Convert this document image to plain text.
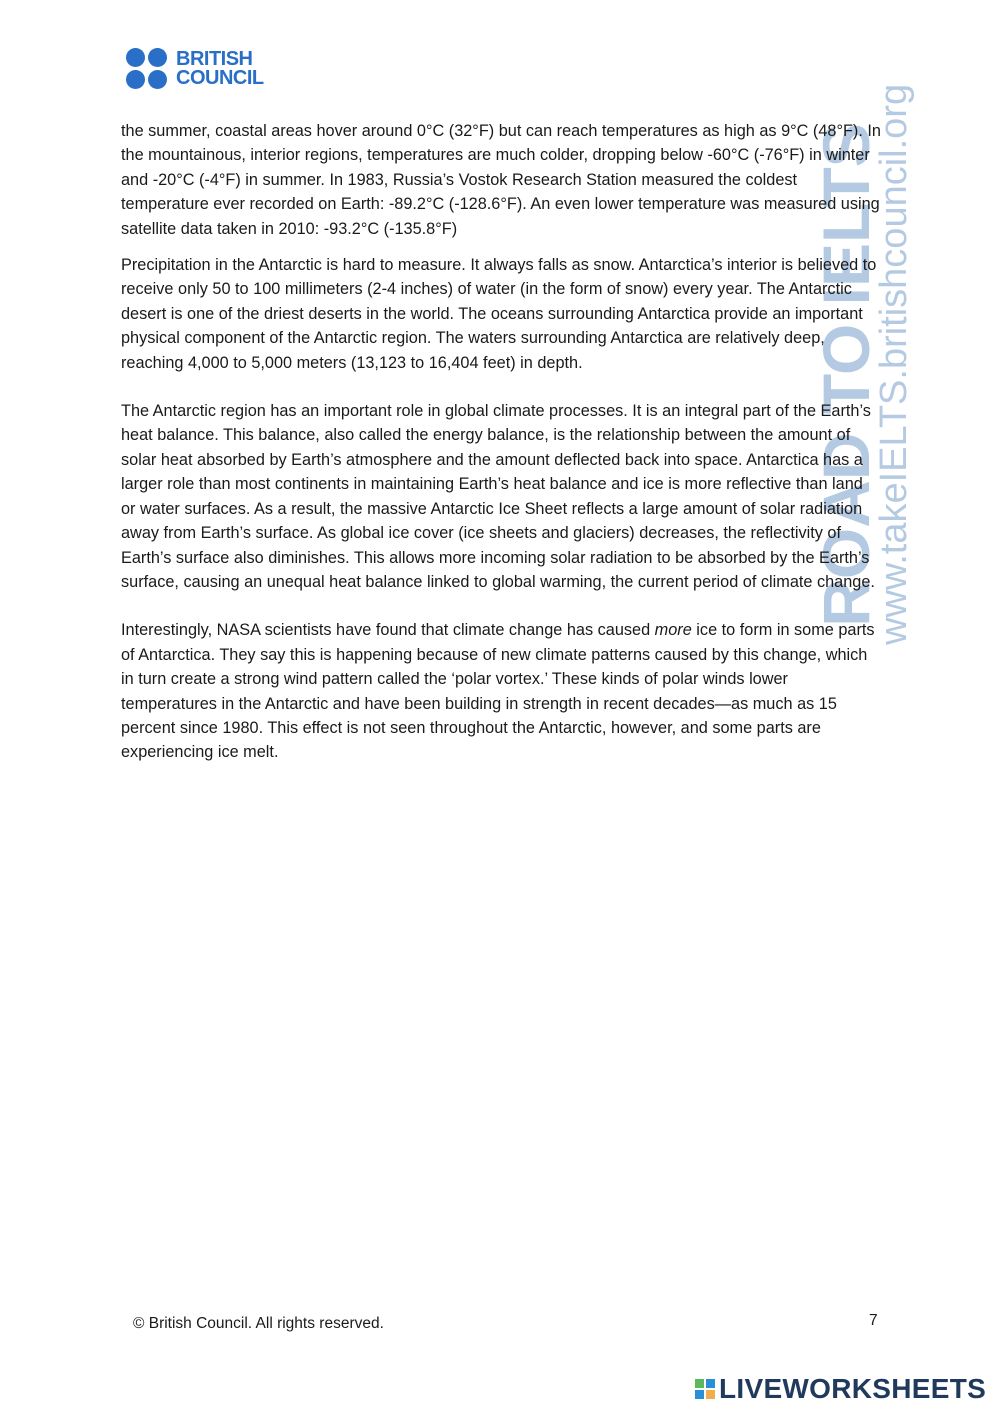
BRITISH
COUNCIL
ROAD TO IELTS
www.takeIELTS.britishcouncil.org

the summer, coastal areas hover around 0°C (32°F) but can reach temperatures as high as 9°C (48°F). In the mountainous, interior regions, temperatures are much colder, dropping below -60°C (-76°F) in winter and -20°C (-4°F) in summer. In 1983, Russia’s Vostok Research Station measured the coldest temperature ever recorded on Earth: -89.2°C (-128.6°F). An even lower temperature was measured using satellite data taken in 2010: -93.2°C (-135.8°F)

Precipitation in the Antarctic is hard to measure. It always falls as snow. Antarctica’s interior is believed to receive only 50 to 100 millimeters (2-4 inches) of water (in the form of snow) every year. The Antarctic desert is one of the driest deserts in the world. The oceans surrounding Antarctica provide an important physical component of the Antarctic region. The waters surrounding Antarctica are relatively deep, reaching 4,000 to 5,000 meters (13,123 to 16,404 feet) in depth.

The Antarctic region has an important role in global climate processes. It is an integral part of the Earth’s heat balance. This balance, also called the energy balance, is the relationship between the amount of solar heat absorbed by Earth’s atmosphere and the amount deflected back into space. Antarctica has a larger role than most continents in maintaining Earth’s heat balance and ice is more reflective than land or water surfaces. As a result, the massive Antarctic Ice Sheet reflects a large amount of solar radiation away from Earth’s surface. As global ice cover (ice sheets and glaciers) decreases, the reflectivity of Earth’s surface also diminishes. This allows more incoming solar radiation to be absorbed by the Earth’s surface, causing an unequal heat balance linked to global warming, the current period of climate change.

Interestingly, NASA scientists have found that climate change has caused more ice to form in some parts of Antarctica. They say this is happening because of new climate patterns caused by this change, which in turn create a strong wind pattern called the ‘polar vortex.’ These kinds of polar winds lower temperatures in the Antarctic and have been building in strength in recent decades—as much as 15 percent since 1980. This effect is not seen throughout the Antarctic, however, and some parts are experiencing ice melt.

© British Council. All rights reserved.	7
LIVEWORKSHEETS
